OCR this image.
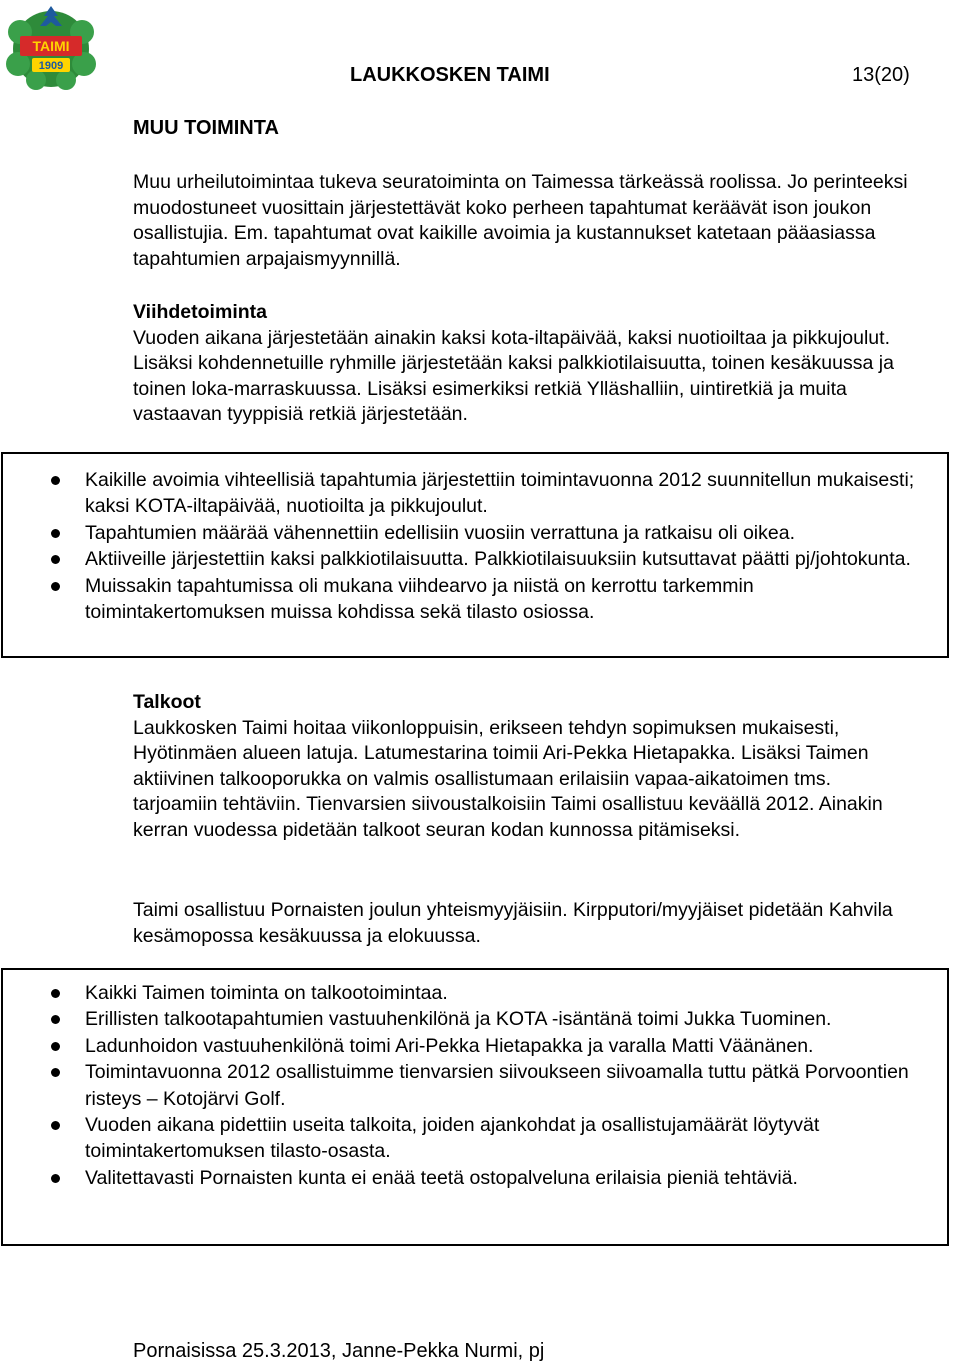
TAIMI
1909	LAUKKOSKEN TAIMI	13(20)
MUU TOIMINTA

Muu urheilutoimintaa tukeva seuratoiminta on Taimessa tärkeässä roolissa. Jo perinteeksi muodostuneet vuosittain järjestettävät koko perheen tapahtumat keräävät ison joukon osallistujia. Em. tapahtumat ovat kaikille avoimia ja kustannukset katetaan pääasiassa tapahtumien arpajaismyynnillä.

Viihdetoiminta
Vuoden aikana järjestetään ainakin kaksi kota-iltapäivää, kaksi nuotioiltaa ja pikkujoulut. Lisäksi kohdennetuille ryhmille järjestetään kaksi palkkiotilaisuutta, toinen kesäkuussa ja toinen loka-marraskuussa. Lisäksi esimerkiksi retkiä Ylläshalliin, uintiretkiä ja muita vastaavan tyyppisiä retkiä järjestetään.
Kaikille avoimia vihteellisiä tapahtumia järjestettiin toimintavuonna 2012 suunnitellun mukaisesti; kaksi KOTA-iltapäivää, nuotioilta ja pikkujoulut.
Tapahtumien määrää vähennettiin edellisiin vuosiin verrattuna ja ratkaisu oli oikea.
Aktiiveille järjestettiin kaksi palkkiotilaisuutta. Palkkiotilaisuuksiin kutsuttavat päätti pj/johtokunta.
Muissakin tapahtumissa oli mukana viihdearvo ja niistä on kerrottu tarkemmin toimintakertomuksen muissa kohdissa sekä tilasto osiossa.
Talkoot
Laukkosken Taimi hoitaa viikonloppuisin, erikseen tehdyn sopimuksen mukaisesti, Hyötinmäen alueen latuja. Latumestarina toimii Ari-Pekka Hietapakka. Lisäksi Taimen aktiivinen talkooporukka on valmis osallistumaan erilaisiin vapaa-aikatoimen tms. tarjoamiin tehtäviin. Tienvarsien siivoustalkoisiin Taimi osallistuu keväällä 2012. Ainakin kerran vuodessa pidetään talkoot seuran kodan kunnossa pitämiseksi.

Taimi osallistuu Pornaisten joulun yhteismyyjäisiin. Kirpputori/myyjäiset pidetään Kahvila kesämopossa kesäkuussa ja elokuussa.

Kaikki Taimen toiminta on talkootoimintaa.
Erillisten talkootapahtumien vastuuhenkilönä ja KOTA -isäntänä toimi Jukka Tuominen.
Ladunhoidon vastuuhenkilönä toimi Ari-Pekka Hietapakka ja varalla Matti Väänänen.
Toimintavuonna 2012 osallistuimme tienvarsien siivoukseen siivoamalla tuttu pätkä Porvoontien risteys – Kotojärvi Golf.
Vuoden aikana pidettiin useita talkoita, joiden ajankohdat ja osallistujamäärät löytyvät toimintakertomuksen tilasto-osasta.
Valitettavasti Pornaisten kunta ei enää teetä ostopalveluna erilaisia pieniä tehtäviä.
Pornaisissa 25.3.2013, Janne-Pekka Nurmi, pj
